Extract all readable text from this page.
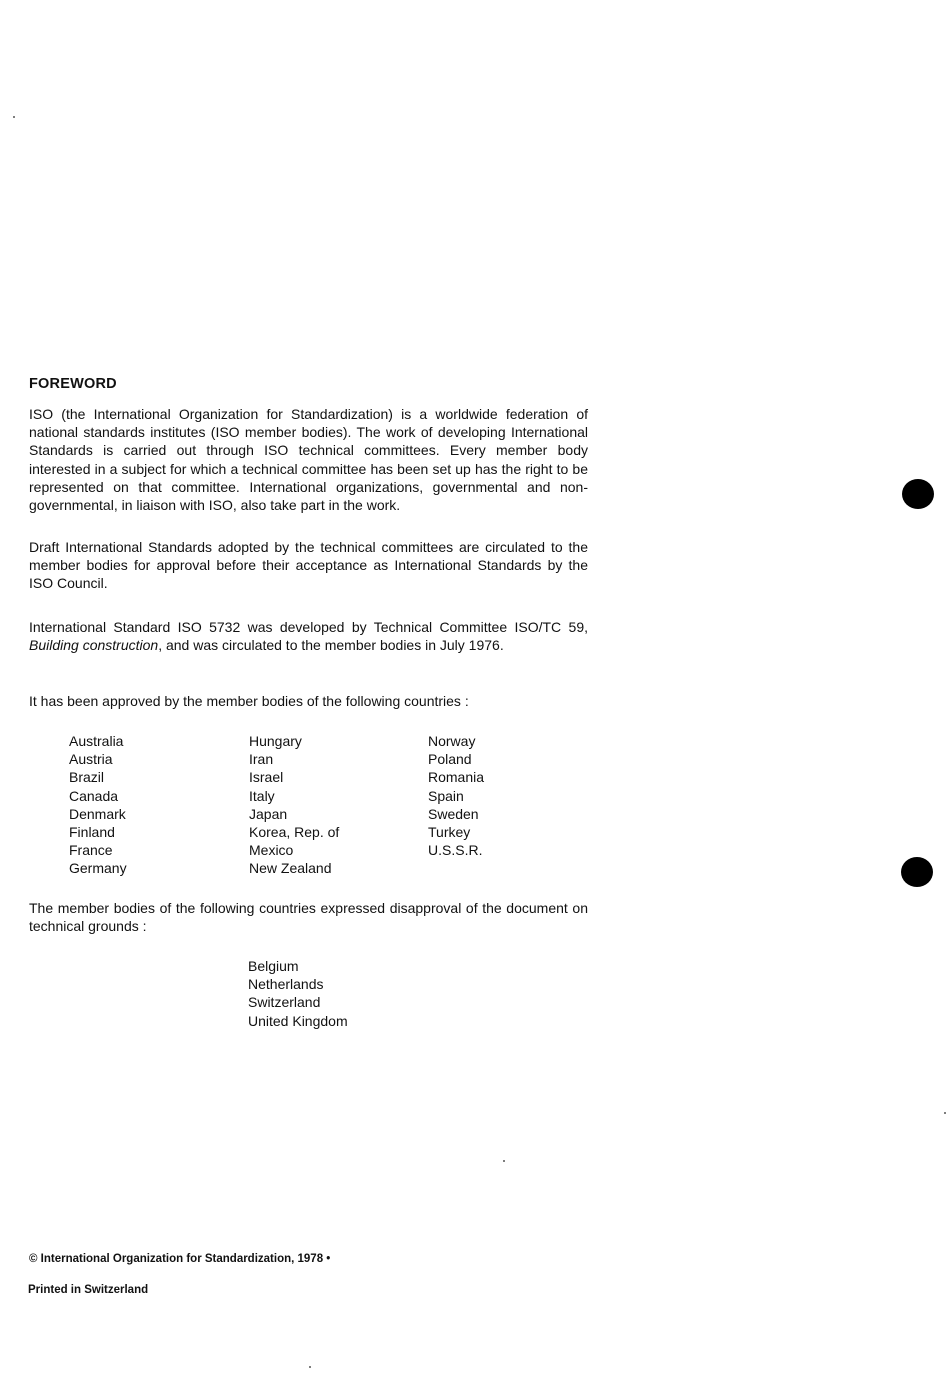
FOREWORD

ISO (the International Organization for Standardization) is a worldwide federation of national standards institutes (ISO member bodies). The work of developing International Standards is carried out through ISO technical committees. Every member body interested in a subject for which a technical committee has been set up has the right to be represented on that committee. International organizations, governmental and non-governmental, in liaison with ISO, also take part in the work.

Draft International Standards adopted by the technical committees are circulated to the member bodies for approval before their acceptance as International Standards by the ISO Council.

International Standard ISO 5732 was developed by Technical Committee ISO/TC 59, Building construction, and was circulated to the member bodies in July 1976.

It has been approved by the member bodies of the following countries :

Australia
Austria
Brazil
Canada
Denmark
Finland
France
Germany
Hungary
Iran
Israel
Italy
Japan
Korea, Rep. of
Mexico
New Zealand
Norway
Poland
Romania
Spain
Sweden
Turkey
U.S.S.R.

The member bodies of the following countries expressed disapproval of the document on technical grounds :

Belgium
Netherlands
Switzerland
United Kingdom
© International Organization for Standardization, 1978 •
Printed in Switzerland
